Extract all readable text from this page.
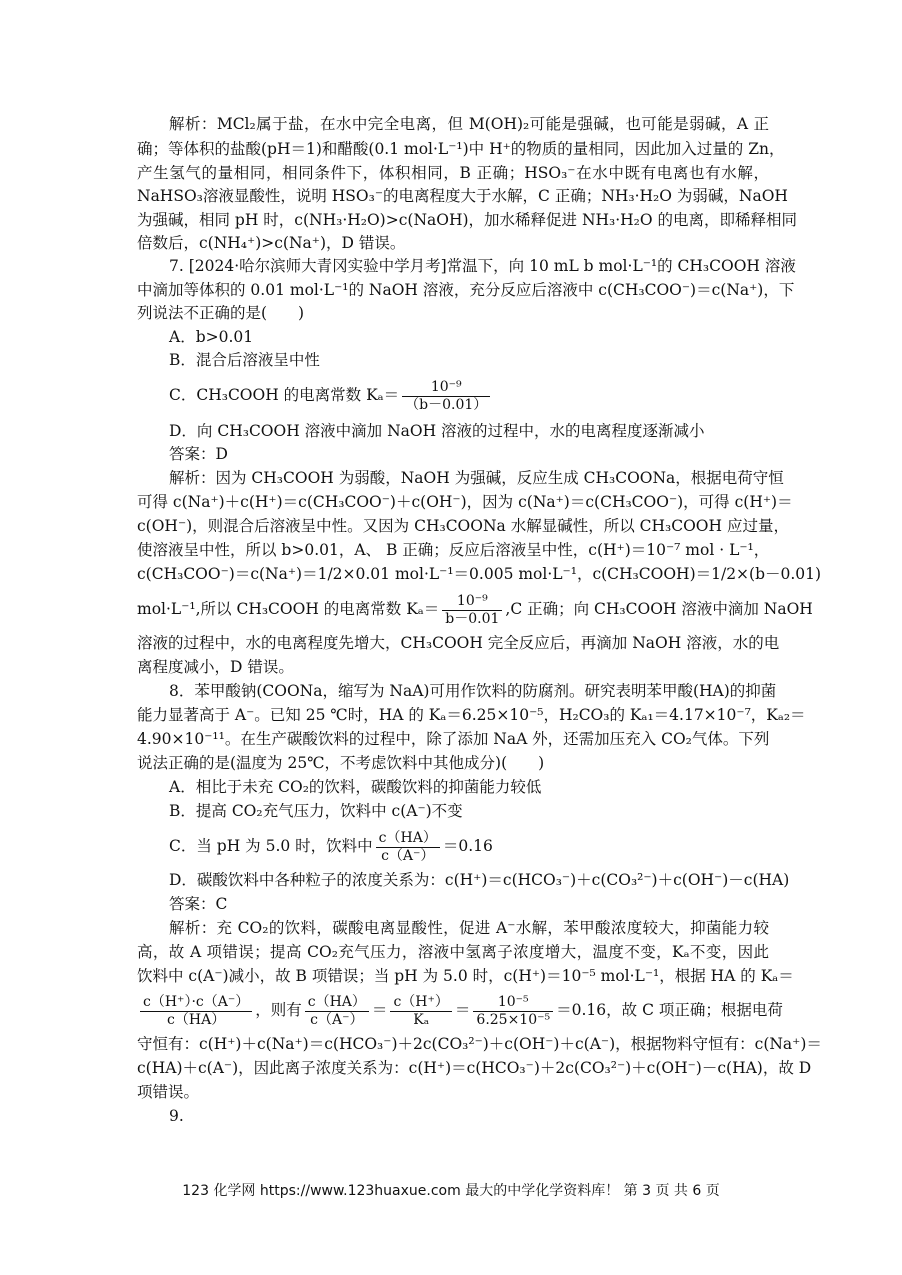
解析：MCl₂属于盐，在水中完全电离，但 M(OH)₂可能是强碱，也可能是弱碱，A 正
确；等体积的盐酸(pH＝1)和醋酸(0.1 mol·L⁻¹)中 H⁺的物质的量相同，因此加入过量的 Zn，
产生氢气的量相同，相同条件下，体积相同，B 正确；HSO₃⁻在水中既有电离也有水解，
NaHSO₃溶液显酸性，说明 HSO₃⁻的电离程度大于水解，C 正确；NH₃·H₂O 为弱碱，NaOH
为强碱，相同 pH 时，c(NH₃·H₂O)>c(NaOH)，加水稀释促进 NH₃·H₂O 的电离，即稀释相同
倍数后，c(NH₄⁺)>c(Na⁺)，D 错误。
7. [2024·哈尔滨师大青冈实验中学月考]常温下，向 10 mL b mol·L⁻¹的 CH₃COOH 溶液
中滴加等体积的 0.01 mol·L⁻¹的 NaOH 溶液，充分反应后溶液中 c(CH₃COO⁻)＝c(Na⁺)，下
列说法不正确的是(　　)
A．b>0.01
B．混合后溶液呈中性
C．CH₃COOH 的电离常数 $K_a= \frac{\text{10⁻⁹}}{(b-0.01)}$
D．向 CH₃COOH 溶液中滴加 NaOH 溶液的过程中，水的电离程度逐渐减小
答案：D
解析：因为 CH₃COOH 为弱酸，NaOH 为强碱，反应生成 CH₃COONa，根据电荷守恒
可得 c(Na⁺)＋c(H⁺)＝c(CH₃COO⁻)＋c(OH⁻)，因为 c(Na⁺)＝c(CH₃COO⁻)，可得 c(H⁺)＝
c(OH⁻)，则混合后溶液呈中性。又因为 CH₃COONa 水解显碱性，所以 CH₃COOH 应过量，
使溶液呈中性，所以 b>0.01，A、 B 正确；反应后溶液呈中性，c(H⁺)＝10⁻⁷ mol · L⁻¹，
c(CH₃COO⁻)＝c(Na⁺)＝1/2×0.01 mol·L⁻¹＝0.005 mol·L⁻¹，c(CH₃COOH)＝1/2×(b－0.01)
mol·L⁻¹,所以 CH₃COOH 的电离常数 $K_a= \frac{\text{10⁻⁹}}{b-0.01} ,C$ 正确；向 CH₃COOH 溶液中滴加 NaOH
溶液的过程中，水的电离程度先增大，CH₃COOH 完全反应后，再滴加 NaOH 溶液，水的电
离程度减小，D 错误。
8．苯甲酸钠(COONa，缩写为 NaA)可用作饮料的防腐剂。研究表明苯甲酸(HA)的抑菌
能力显著高于 A⁻。已知 25 ℃时，HA 的 Kₐ＝6.25×10⁻⁵，H₂CO₃的 Kₐ₁＝4.17×10⁻⁷，Kₐ₂＝
4.90×10⁻¹¹。在生产碳酸饮料的过程中，除了添加 NaA 外，还需加压充入 CO₂气体。下列
说法正确的是(温度为 25℃，不考虑饮料中其他成分)(　　)
A．相比于未充 CO₂的饮料，碳酸饮料的抑菌能力较低
B．提高 CO₂充气压力，饮料中 c(A⁻)不变
C．当 pH 为 5.0 时，饮料中 $\frac{c(HA)}{c(A^-)} =0.16$
D．碳酸饮料中各种粒子的浓度关系为：c(H⁺)＝c(HCO₃⁻)＋c(CO₃²⁻)＋c(OH⁻)－c(HA)
答案：C
解析：充 CO₂的饮料，碳酸电离显酸性，促进 A⁻水解，苯甲酸浓度较大，抑菌能力较
高，故 A 项错误；提高 CO₂充气压力，溶液中氢离子浓度增大，温度不变，Kₐ不变，因此
饮料中 c(A⁻)减小，故 B 项错误；当 pH 为 5.0 时，c(H⁺)＝10⁻⁵ mol·L⁻¹，根据 HA 的 Kₐ＝
$\frac{c(H^+)\cdot c(A^-)}{c(HA)}$ ，则有 $\frac{c(HA)}{c(A^-)} = \frac{c(H^+)}{\text{Kₐ}} = \frac{\text{10⁻⁵}}{\text{6.25×10⁻⁵}} =0.16$，故 C 项正确；根据电荷
守恒有：c(H⁺)＋c(Na⁺)＝c(HCO₃⁻)＋2c(CO₃²⁻)＋c(OH⁻)＋c(A⁻)，根据物料守恒有：c(Na⁺)＝
c(HA)＋c(A⁻)，因此离子浓度关系为：c(H⁺)＝c(HCO₃⁻)＋2c(CO₃²⁻)＋c(OH⁻)－c(HA)，故 D
项错误。
9.
123 化学网 https://www.123huaxue.com 最大的中学化学资料库！ 第 3 页 共 6 页
